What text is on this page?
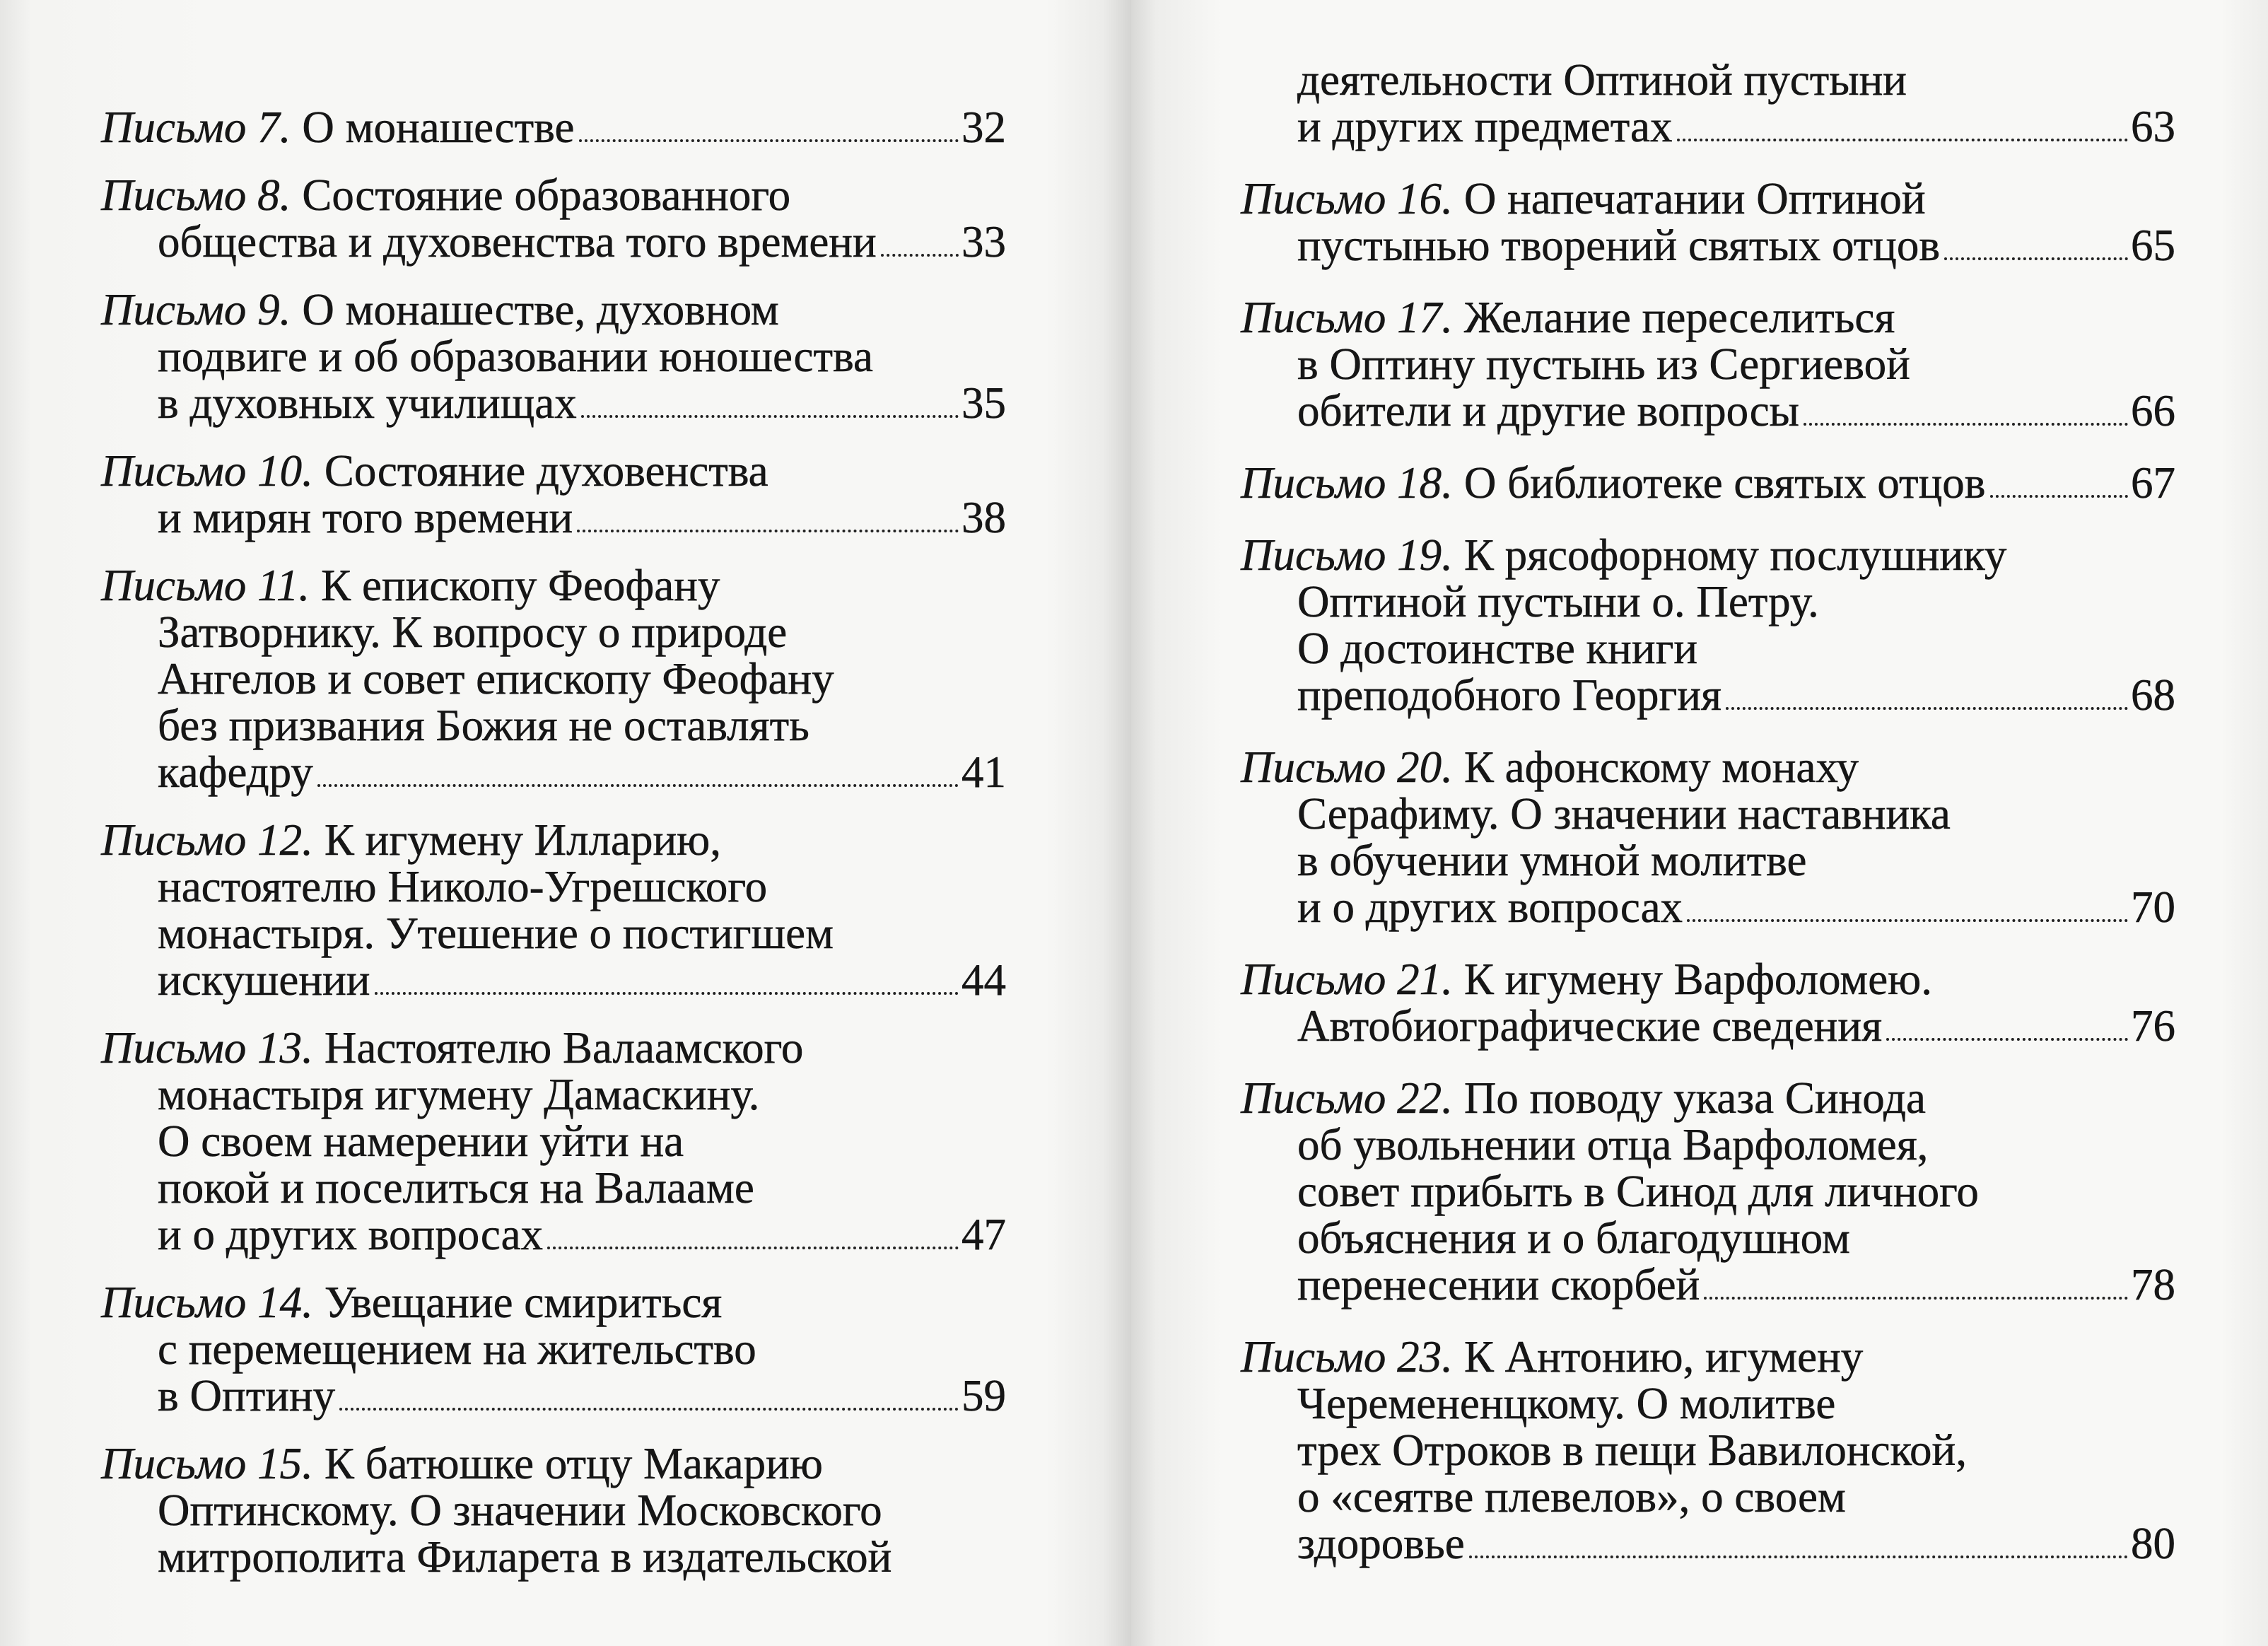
Письмо 7. О монашестве	32
Письмо 8. Состояние образованного
общества и духовенства того времени 33
Письмо 9. О монашестве, духовном
подвиге и об образовании юношества
в духовных училищах	35
Письмо 10. Состояние духовенства
и мирян того времени	38
Письмо 11. К епископу Феофану
Затворнику. К вопросу о природе
Ангелов и совет епископу Феофану
без призвания Божия не оставлять
кафедру	41
Письмо 12. К игумену Илларию,
настоятелю Николо-Угрешского
монастыря. Утешение о постигшем
искушении	44
Письмо 13. Настоятелю Валаамского
монастыря игумену Дамаскину.
О своем намерении уйти на
покой и поселиться на Валааме
и о других вопросах	47
Письмо 14. Увещание смириться
с перемещением на жительство
в Оптину	59
Письмо 15. К батюшке отцу Макарию
Оптинскому. О значении Московского
митрополита Филарета в издательской
деятельности Оптиной пустыни
и других предметах	63
Письмо 16. О напечатании Оптиной
пустынью творений святых отцов	65
Письмо 17. Желание переселиться
в Оптину пустынь из Сергиевой
обители и другие вопросы	66
Письмо 18. О библиотеке святых отцов	67
Письмо 19. К рясофорному послушнику
Оптиной пустыни о. Петру.
О достоинстве книги
преподобного Георгия	68
Письмо 20. К афонскому монаху
Серафиму. О значении наставника
в обучении умной молитве
и о других вопросах	70
Письмо 21. К игумену Варфоломею.
Автобиографические сведения	76
Письмо 22. По поводу указа Синода
об увольнении отца Варфоломея,
совет прибыть в Синод для личного
объяснения и о благодушном
перенесении скорбей	78
Письмо 23. К Антонию, игумену
Черемененцкому. О молитве
трех Отроков в пещи Вавилонской,
о «сеятве плевелов», о своем
здоровье	80
